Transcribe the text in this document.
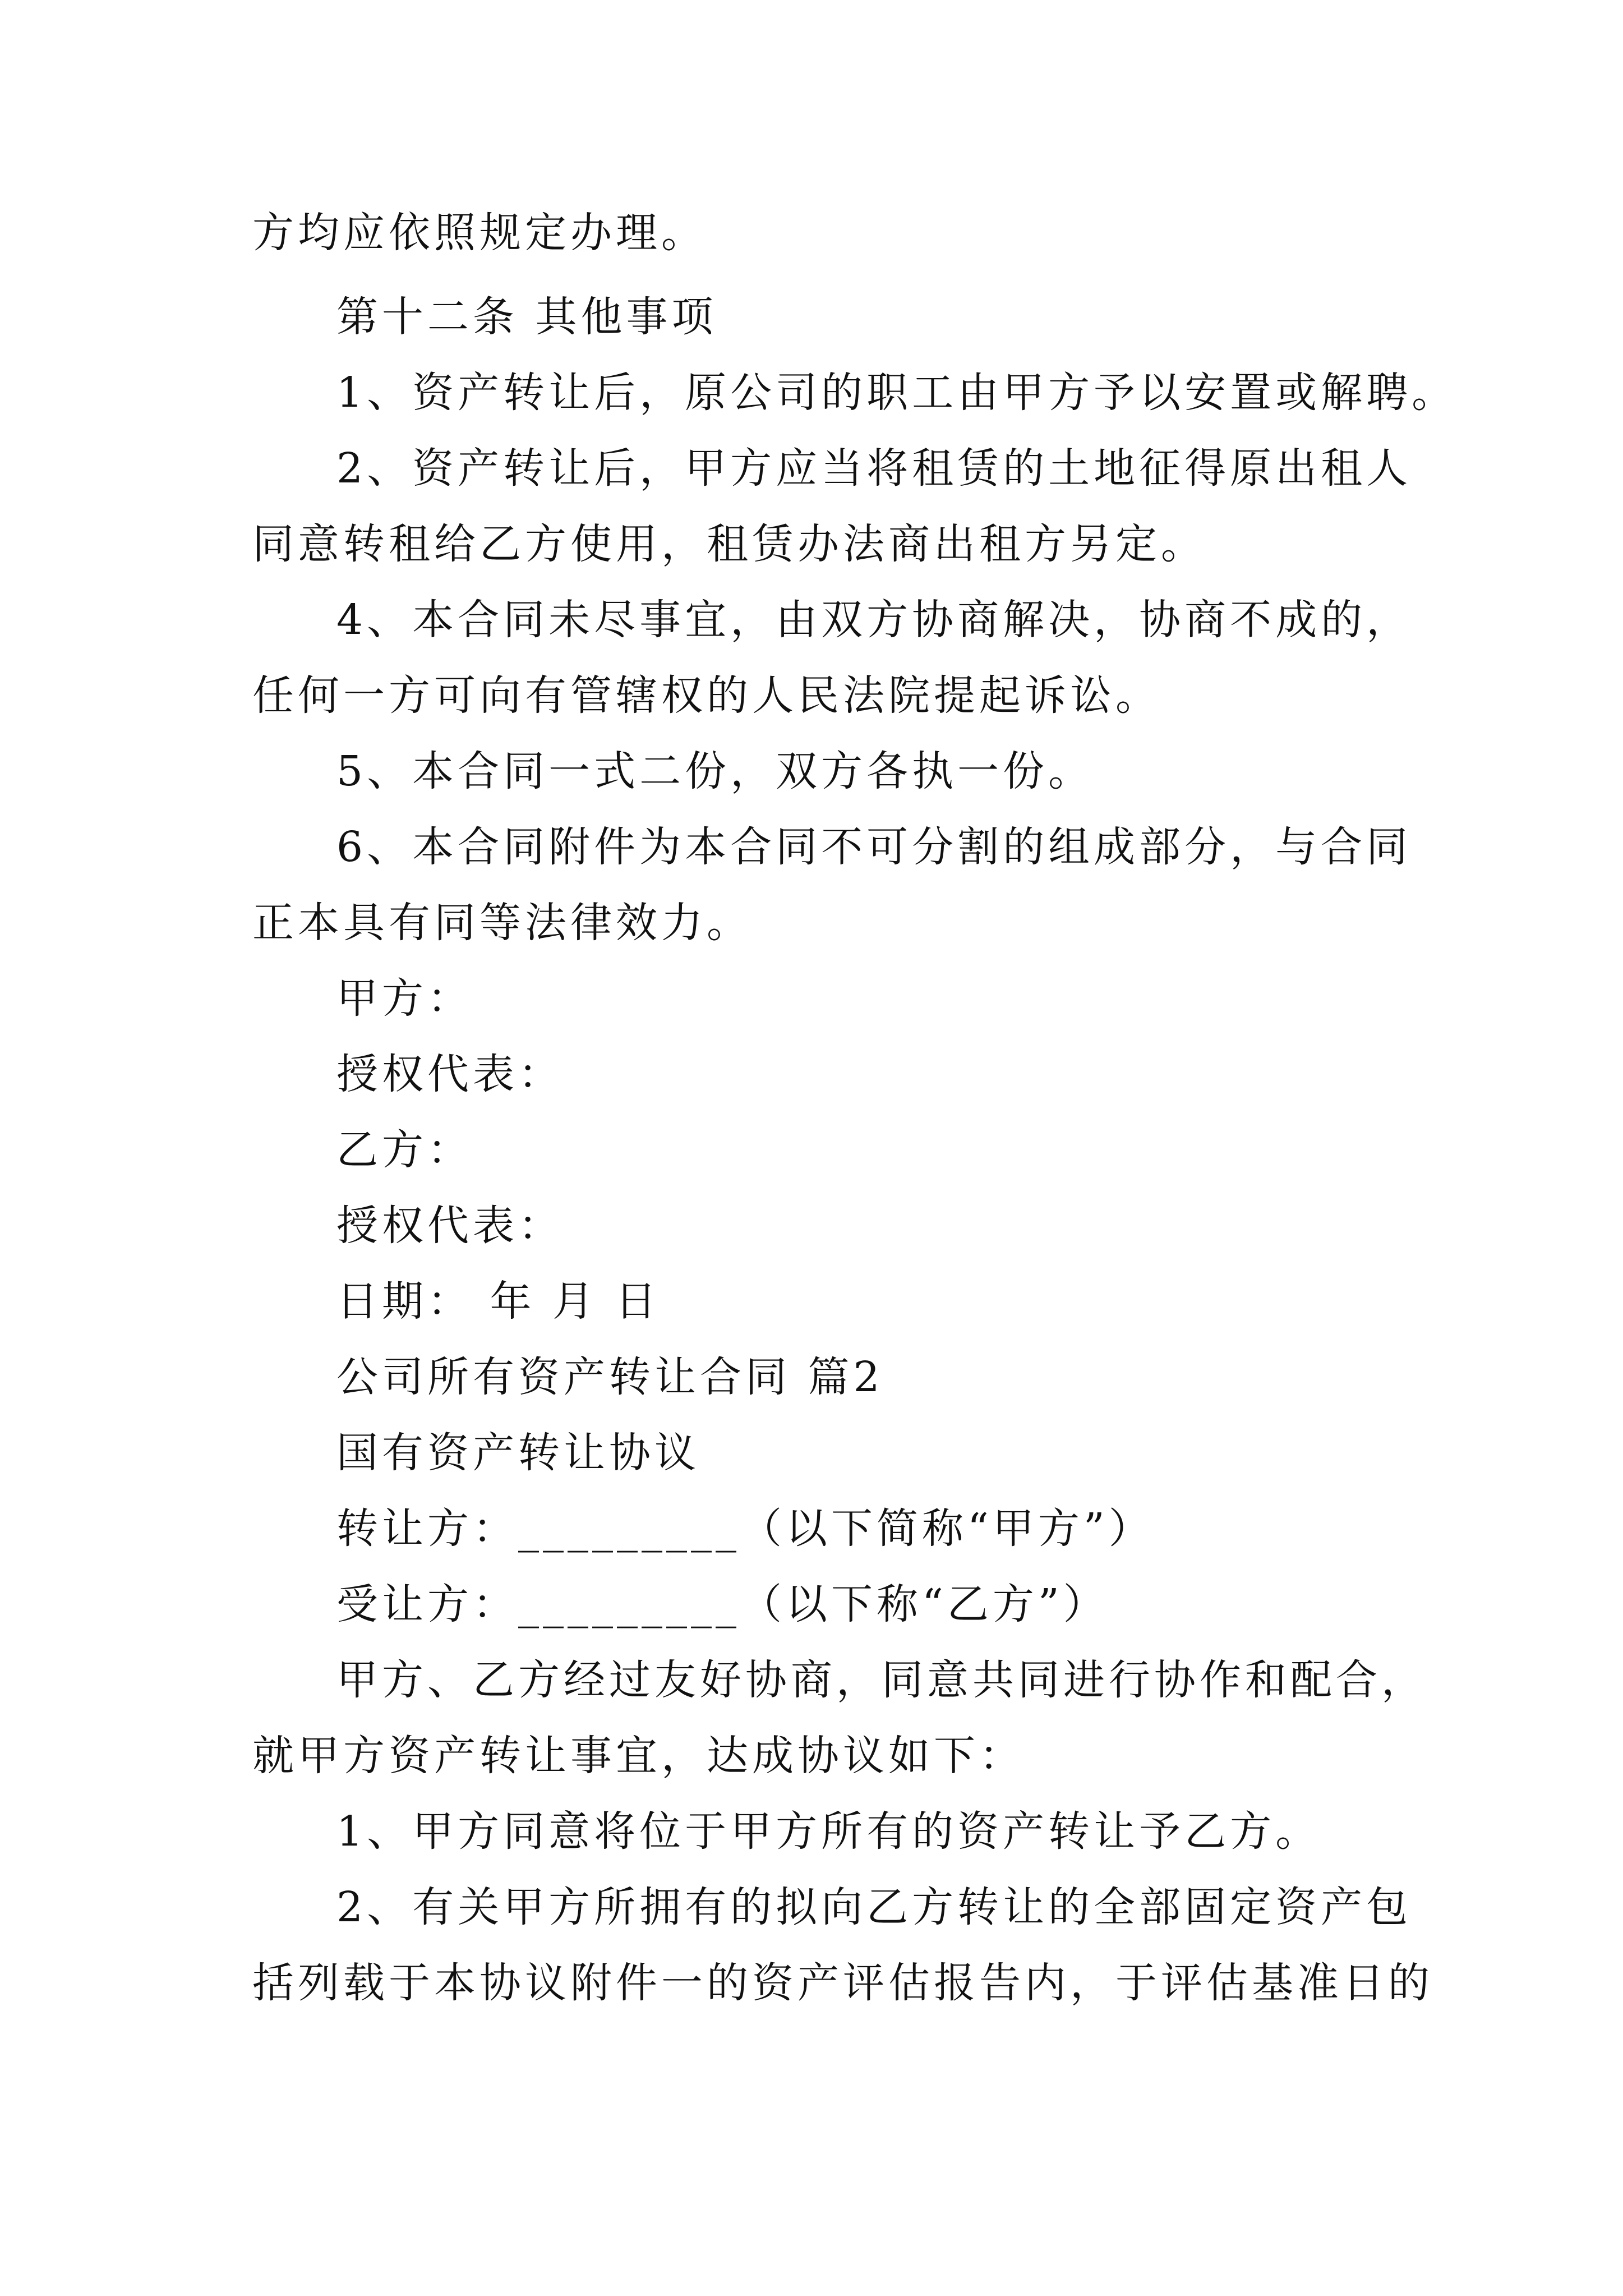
方均应依照规定办理。
第十二条 其他事项
1、资产转让后，原公司的职工由甲方予以安置或解聘。
2、资产转让后，甲方应当将租赁的土地征得原出租人
同意转租给乙方使用，租赁办法商出租方另定。
4、本合同未尽事宜，由双方协商解决，协商不成的，
任何一方可向有管辖权的人民法院提起诉讼。
5、本合同一式二份，双方各执一份。
6、本合同附件为本合同不可分割的组成部分，与合同
正本具有同等法律效力。
甲方：
授权代表：
乙方：
授权代表：
日期： 年 月 日
公司所有资产转让合同 篇2
国有资产转让协议
转让方：_________（以下简称“甲方”）
受让方：_________（以下称“乙方”）
甲方、乙方经过友好协商，同意共同进行协作和配合，
就甲方资产转让事宜，达成协议如下：
1、甲方同意将位于甲方所有的资产转让予乙方。
2、有关甲方所拥有的拟向乙方转让的全部固定资产包
括列载于本协议附件一的资产评估报告内，于评估基准日的
